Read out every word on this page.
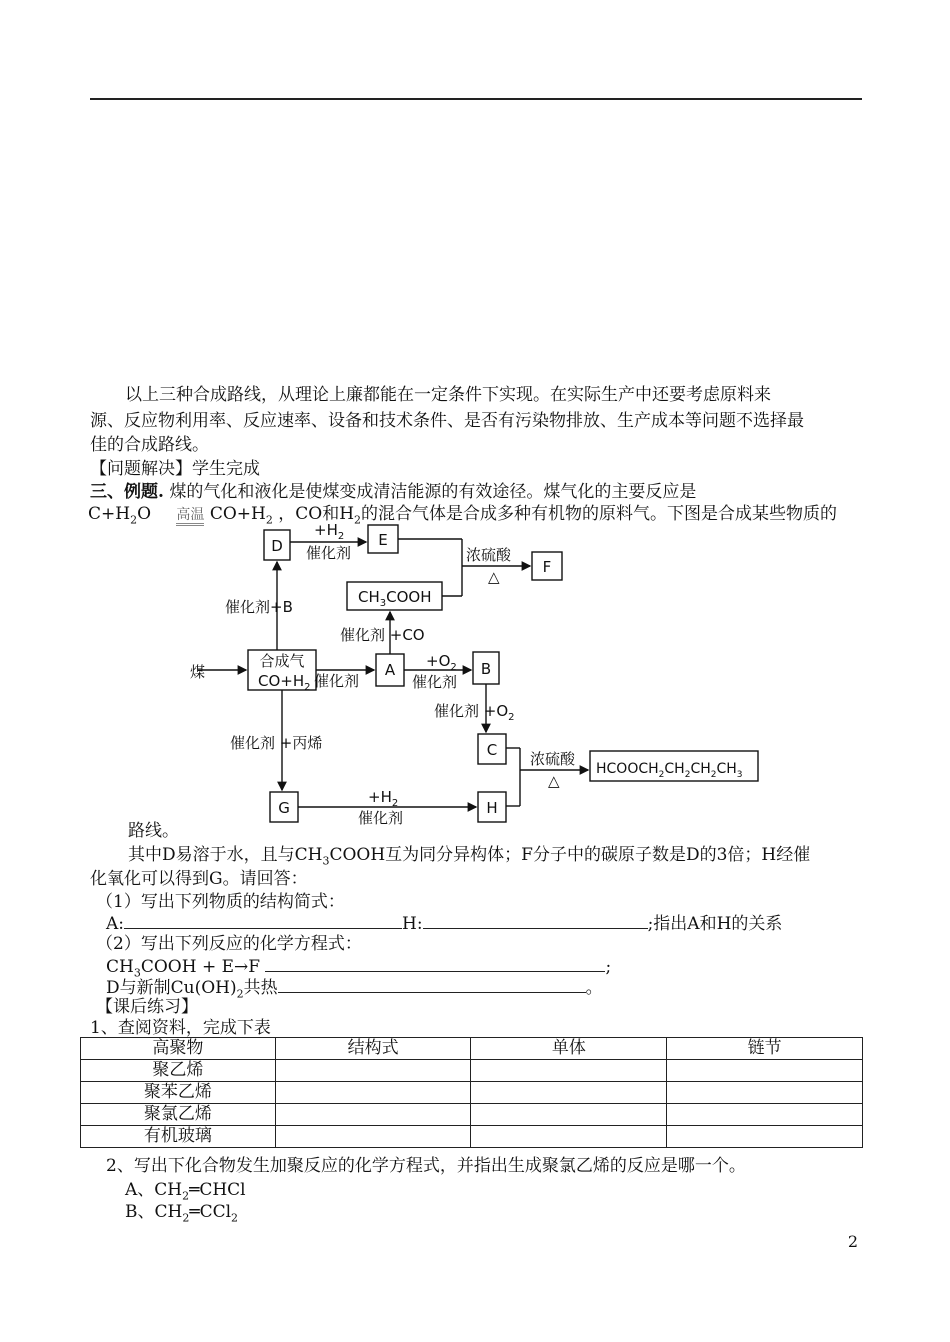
以上三种合成路线，从理论上廉都能在一定条件下实现。在实际生产中还要考虑原料来
源、反应物利用率、反应速率、设备和技术条件、是否有污染物排放、生产成本等问题不选择最
佳的合成路线。
【问题解决】学生完成
三、例题. 煤的气化和液化是使煤变成清洁能源的有效途径。煤气化的主要反应是
$C+H_2O$ 高温 $CO+H_2$ ，CO和$H_2$的混合气体是合成多种有机物的原料气。下图是合成某些物质的
D	E
F
A	B
C
G	H
$CH_3COOH$
合成气
$CO+H_2$
$HCOOCH_2CH_2CH_2CH_3$
煤
$+H_2$
催化剂	浓硫酸
△
催化剂+B
催化剂 +CO
催化剂
$+O_2$
催化剂
催化剂 $+O_2$
催化剂 +丙烯
$+H_2$
催化剂
浓硫酸
△
路线。
其中D易溶于水，且与$CH_3COOH$互为同分异构体；F分子中的碳原子数是D的3倍；H经催
化氧化可以得到G。请回答：
（1）写出下列物质的结构简式：
A:	H:	;指出A和H的关系
（2）写出下列反应的化学方程式：
$CH_3COOH + E\to F$	;
D与新制$Cu(OH)_2$共热	。
【课后练习】
1、查阅资料，完成下表
高聚物	结构式	单体	链节
聚乙烯			
聚苯乙烯			
聚氯乙烯			
有机玻璃			
2、写出下化合物发生加聚反应的化学方程式，并指出生成聚氯乙烯的反应是哪一个。
A、$CH_2═CHCl$
B、$CH_2═CCl_2$
2
